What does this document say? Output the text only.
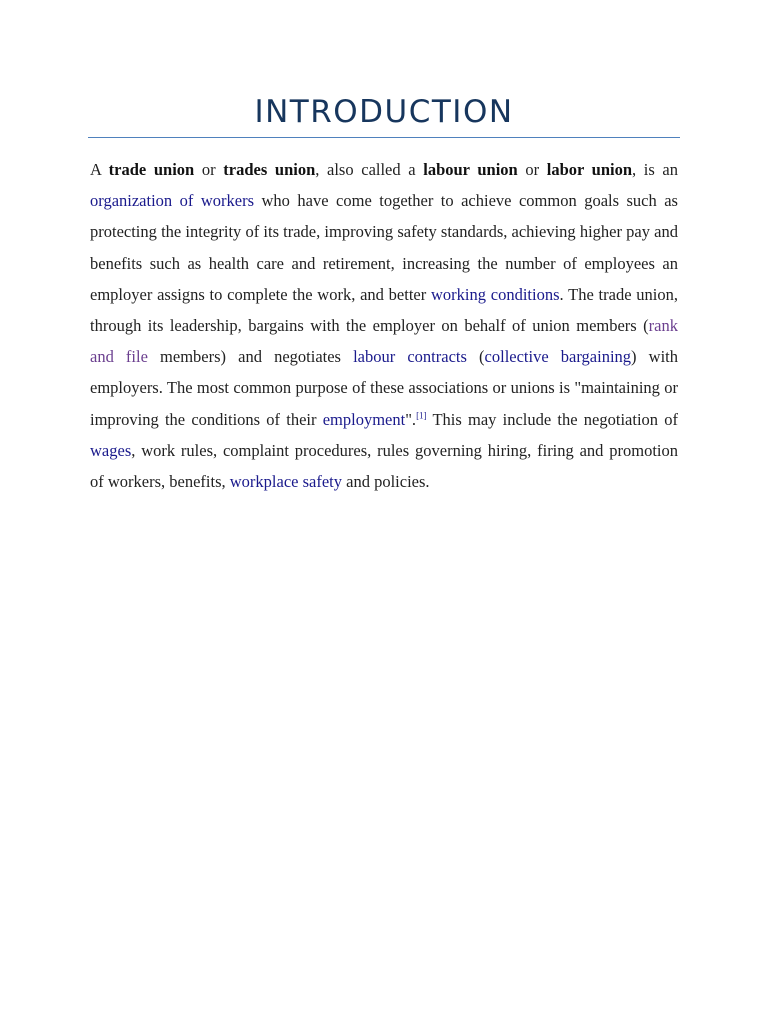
INTRODUCTION

A trade union or trades union, also called a labour union or labor union, is an organization of workers who have come together to achieve common goals such as protecting the integrity of its trade, improving safety standards, achieving higher pay and benefits such as health care and retirement, increasing the number of employees an employer assigns to complete the work, and better working conditions. The trade union, through its leadership, bargains with the employer on behalf of union members (rank and file members) and negotiates labour contracts (collective bargaining) with employers. The most common purpose of these associations or unions is "maintaining or improving the conditions of their employment".[1] This may include the negotiation of wages, work rules, complaint procedures, rules governing hiring, firing and promotion of workers, benefits, workplace safety and policies.
